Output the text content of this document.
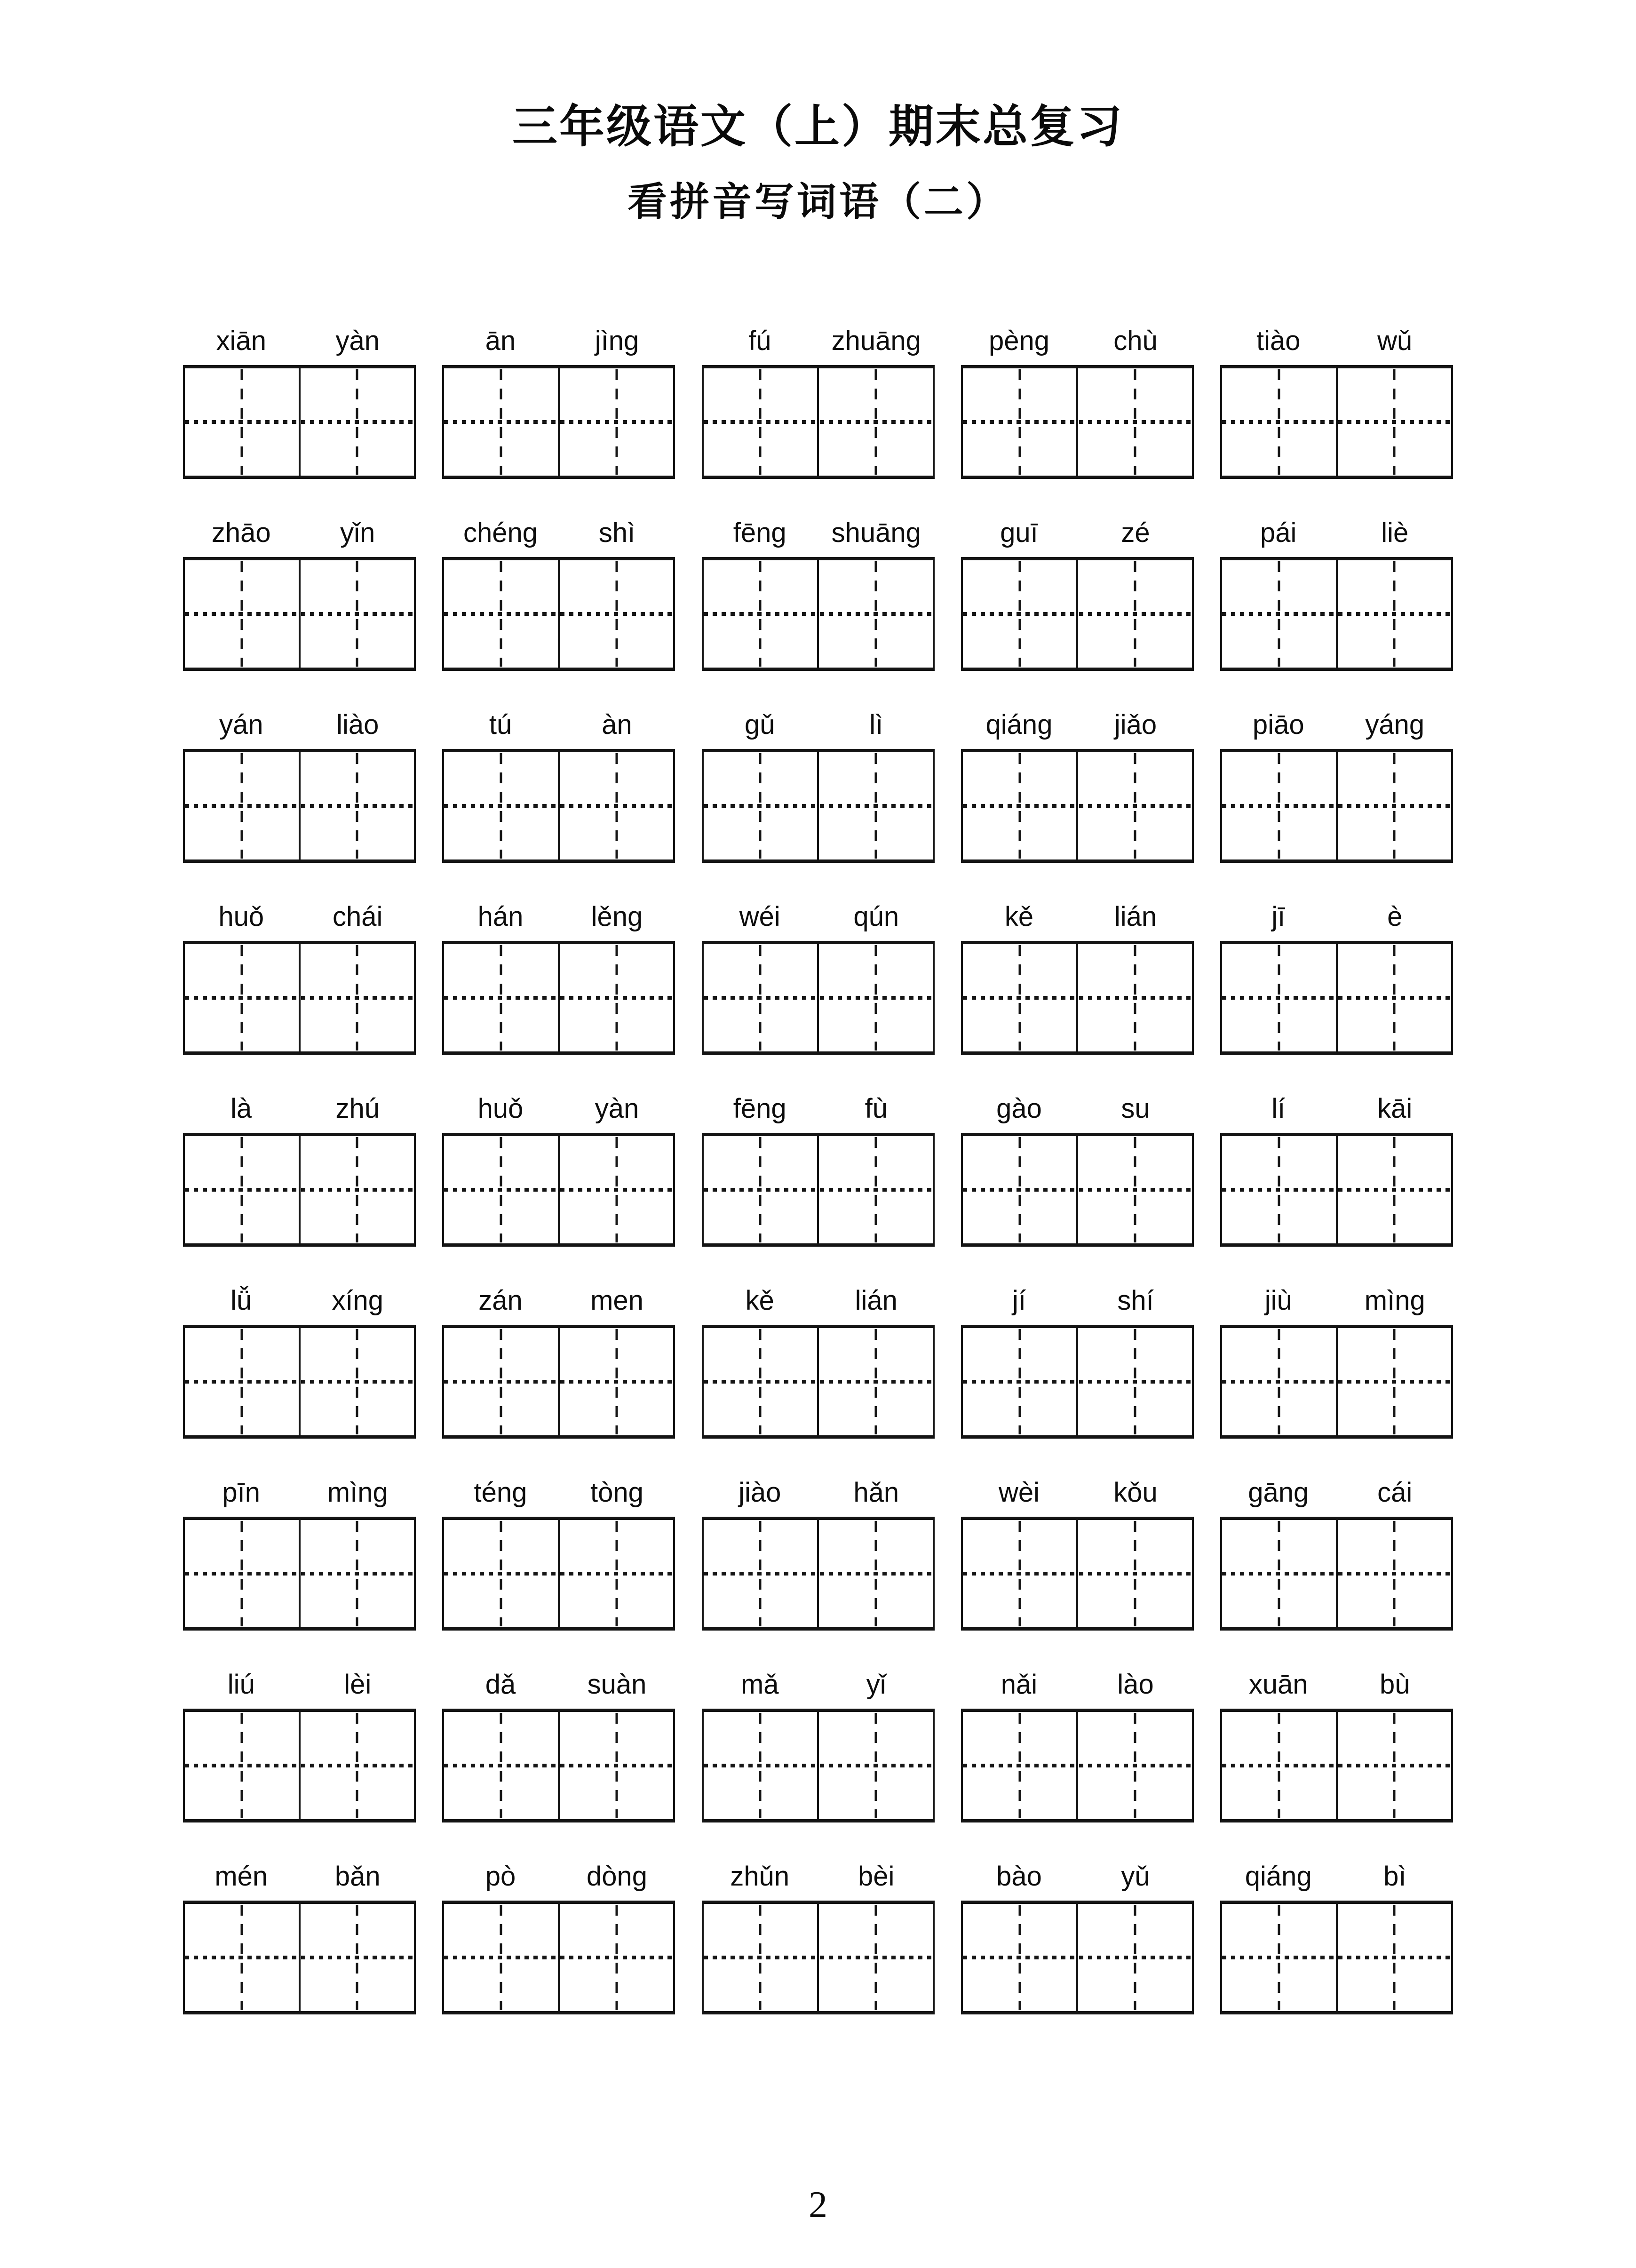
三年级语文（上）期末总复习
看拼音写词语（二）
xiān	yàn	ān	jìng	fú	zhuāng	pèng	chù	tiào	wǔ
zhāo	yǐn	chéng	shì	fēng	shuāng	guī	zé	pái	liè
yán	liào	tú	àn	gǔ	lì	qiáng	jiǎo	piāo	yáng
huǒ	chái	hán	lěng	wéi	qún	kě	lián	jī	è
là	zhú	huǒ	yàn	fēng	fù	gào	su	lí	kāi
lǚ	xíng	zán	men	kě	lián	jí	shí	jiù	mìng
pīn	mìng	téng	tòng	jiào	hǎn	wèi	kǒu	gāng	cái
liú	lèi	dǎ	suàn	mǎ	yǐ	nǎi	lào	xuān	bù
mén	bǎn	pò	dòng	zhǔn	bèi	bào	yǔ	qiáng	bì
2
